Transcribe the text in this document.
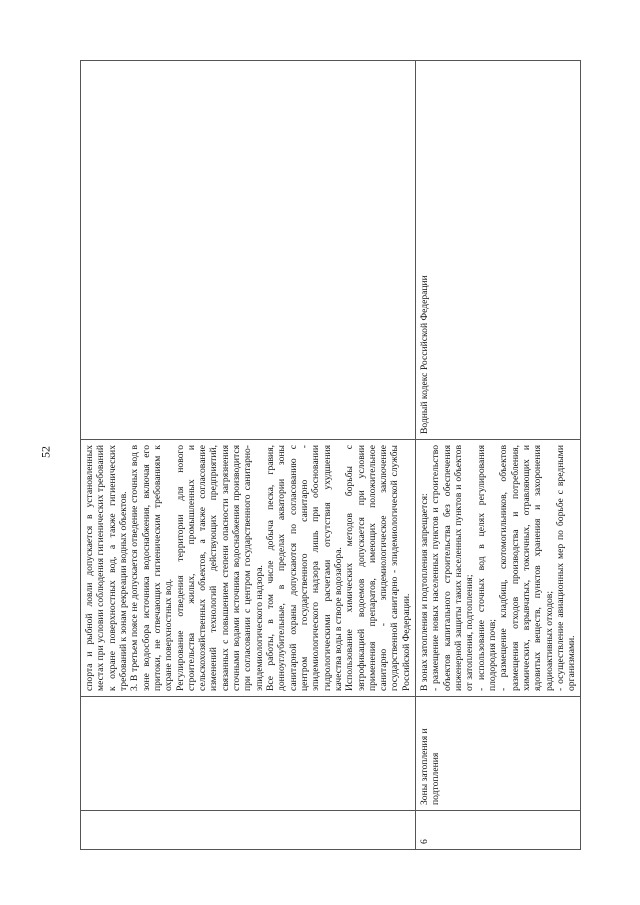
52

		спорта и рыбной ловли допускается в установленных местах при условии соблюдения гигиенических требований к охране поверхностных вод, а также гигиенических требований к зонам рекреации водных объектов. 3. В третьем поясе не допускается отведение сточных вод в зоне водосбора источника водоснабжения, включая его притоки, не отвечающих гигиеническим требованиям к охране поверхностных вод. Регулирование отведения территории для нового строительства жилых, промышленных и сельскохозяйственных объектов, а также согласование изменений технологий действующих предприятий, связанных с повышением степени опасности загрязнения сточными водами источника водоснабжения производится при согласовании с центром государственного санитарно-эпидемиологического надзора. Все работы, в том числе добыча песка, гравия, донноуглубительные, в пределах акватории зоны санитарной охраны допускаются по согласованию с центром государственного санитарно - эпидемиологического надзора лишь при обосновании гидрологическими расчетами отсутствия ухудшения качества воды в створе водозабора. Использование химических методов борьбы с эвтрофикацией водоемов допускается при условии применения препаратов, имеющих положительное санитарно - эпидемиологическое заключение государственной санитарно - эпидемиологической службы Российской Федерации.	

6	Зоны затопления и подтопления	В зонах затопления и подтопления запрещается: - размещение новых населенных пунктов и строительство объектов капитального строительства без обеспечения инженерной защиты таких населенных пунктов и объектов от затопления, подтопления; - использование сточных вод в целях регулирования плодородия почв; - размещение кладбищ, скотомогильников, объектов размещения отходов производства и потребления, химических, взрывчатых, токсичных, отравляющих и ядовитых веществ, пунктов хранения и захоронения радиоактивных отходов; - осуществление авиационных мер по борьбе с вредными организмами.	Водный кодекс Российской Федерации
